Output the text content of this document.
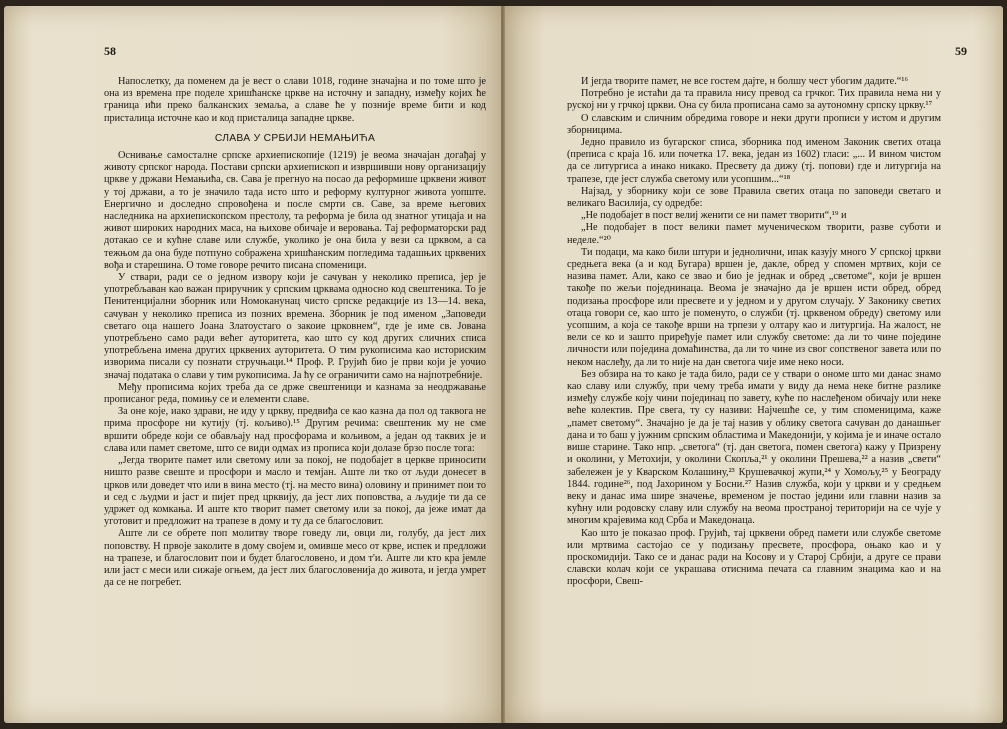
58

Напослетку, да поменем да је вест о слави 1018, године значајна и по томе што је она из времена пре поделе хришћанске цркве на источну и западну, између којих ће граница ићи преко балканских земаља, а славе ће у позније време бити и код присталица источне као и код присталица западне цркве.

СЛАВА У СРБИЈИ НЕМАЊИЋА

Оснивање самосталне српске архиепископије (1219) је веома значајан догађај у животу српског народа. Постави српски архиепископ и извршивши нову организацију цркве у држави Немањића, св. Сава је прегнуо на посао да реформише црквени живот у тој држави, а то је значило тада исто што и реформу културног живота уопште. Енергично и доследно спровођена и после смрти св. Саве, за време његових наследника на архиепископском престолу, та реформа је била од знатног утицаја и на живот широких народних маса, на њихове обичаје и веровања. Тај реформаторски рад дотакао се и кућне славе или службе, уколико је она била у вези са црквом, а са тежњом да она буде потпуно сображена хришћанским погледима тадашњих црквених вођа и старешина. О томе говоре речито писана споменици.

У ствари, ради се о једном извору који је сачуван у неколико преписа, јер је употребљаван као важан приручник у српским црквама односно код свештеника. То је Пенитенцијални зборник или Номоканунац чисто српске редакције из 13—14. века, сачуван у неколико преписа из позних времена. Зборник је под именом „Заповеди светаго оца нашего Јоана Златоустаго о закоие црковнем“, где је име св. Јована употребљено само ради већег ауторитета, као што су код других сличних списа употребљена имена других црквених ауторитета. О тим рукописима као историским изворима писали су познати стручњаци.¹⁴ Проф. Р. Грујић био је први који је уочио значај података о слави у тим рукописима. Ја ћу се ограничити само на најпотребније.

Међу прописима којих треба да се држе свештеници и казнама за неодржавање прописаног реда, помињу се и елементи славе.

За оне које, иако здрави, не иду у цркву, предвиђа се као казна да пол од таквога не прима просфоре ни кутију (тј. кољиво).¹⁵ Другим речима: свештеник му не сме вршити обреде који се обављају над просфорама и кољивом, а један од таквих је и слава или памет светоме, што се види одмах из прописа који долазе брзо после тога:

„Јегда творите памет или светому или за покој, не подобајет в церкве приносити ништо разве свеште и просфори и масло и темјан. Аште ли тко от људи донесет в црков или доведет что или в вина место (тј. на место вина) оловину и принимет пои то и сед с људми и јаст и пијет пред црквију, да јест лих поповства, а људије ти да се удржет од комкања. И аште кто творит памет светому или за покој, да јеже имат да уготовит и предложит на трапезе в дому и ту да се благословит.

Аште ли се обрете поп молитву творе говеду ли, овци ли, голубу, да јест лих поповству. Н првоје заколите в дому својем и, омивше месо от крве, испек и предложи на трапезе, и благословит пои и будет благословено, и дом т'и. Аште ли кто кра јемле или јаст с меси или сижаје огњем, да јест лих благословенија до живота, и јегда умрет да се не погребет.

59

И јегда творите памет, не все гостем дајте, н болшу чест убогим дадите.“¹⁶

Потребно је истаћи да та правила нису превод са грчког. Тих правила нема ни у руској ни у грчкој цркви. Она су била прописана само за аутономну српску цркву.¹⁷

О славским и сличним обредима говоре и неки други прописи у истом и другим зборницима.

Једно правило из бугарског списа, зборника под именом Законик светих отаца (преписа с краја 16. или почетка 17. века, један из 1602) гласи: „... И вином чистом да се литургиса а инако никако. Пресвету да дижу (тј. попови) где и литургија на трапезе, где јест служба светому или усопшим...“¹⁸

Најзад, у зборнику који се зове Правила светих отаца по заповеди светаго и великаго Василија, су одредбе:

„Не подобајет в пост велиј женити се ни памет творити“,¹⁹ и

„Не подобајет в пост велики памет мученическом творити, разве суботи и неделе.“²⁰

Ти подаци, ма како били штури и једнолични, ипак казују много У српској цркви средњега века (а и код Бугара) вршен је, дакле, обред у спомен мртвих, који се назива памет. Али, како се звао и био је једнак и обред „светоме“, који је вршен такође по жељи поједнинаца. Веома је значајно да је вршен исти обред, обред подизања просфоре или пресвете и у једном и у другом случају. У Законику светих отаца говори се, као што је поменуто, о служби (тј. црквеном обреду) светому или усопшим, а која се такође врши на трпези у олтару као и литургија. На жалост, не вели се ко и зашто приређује памет или службу светоме: да ли то чине поједине личности или поједина домаћинства, да ли то чине из свог сопственог завета или по неком наслеђу, да ли то није на дан светога чије име неко носи.

Без обзира на то како је тада било, ради се у ствари о ономе што ми данас знамо као славу или службу, при чему треба имати у виду да нема неке битне разлике између службе коју чини појединац по завету, куће по наслеђеном обичају или неке веће колектив. Пре свега, ту су називи: Најчешће се, у тим споменицима, каже „памет светому“. Значајно је да је тај назив у облику светога сачуван до данашњег дана и то баш у јужним српским областима и Македонији, у којима је и иначе остало више старине. Тако нпр. „светога“ (тј. дан светога, помен светога) кажу у Призрену и околини, у Метохији, у околини Скопља,²¹ у околини Прешева,²² а назив „свети“ забележен је у Кварском Колашину,²³ Крушевачкој жупи,²⁴ у Хомољу,²⁵ у Београду 1844. године²⁶, под Јахорином у Босни.²⁷ Назив служба, који у цркви и у средњем веку и данас има шире значење, временом је постао једини или главни назив за кућну или родовску славу или службу на веома пространој територији на се чује у многим крајевима код Срба и Македонаца.

Као што је показао проф. Грујић, тај црквени обред памети или службе светоме или мртвима састојао се у подизању пресвете, просфора, оњако као и у проскомидији. Тако се и данас ради на Косову и у Старој Србији, а друге се прави славски колач који се украшава отиснима печата са главним знацима као и на просфори, Свеш-
